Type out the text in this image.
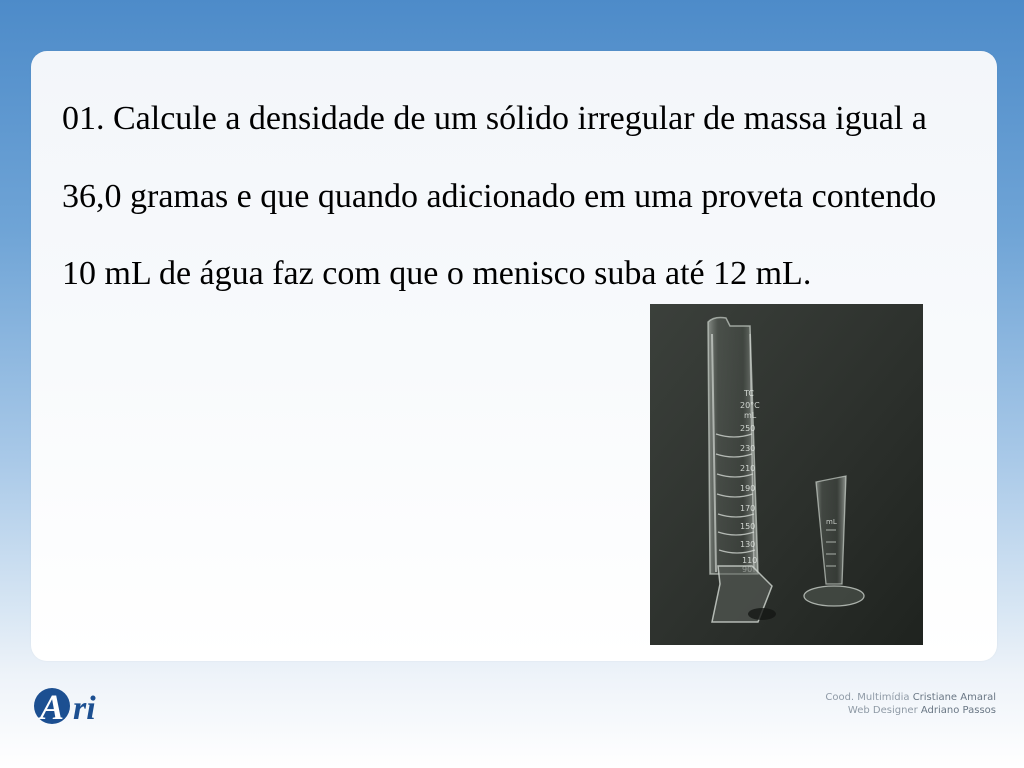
01. Calcule a densidade de um sólido irregular de massa igual a 36,0 gramas e que quando adicionado em uma proveta contendo 10 mL de água faz com que o menisco suba até 12 mL.

TC
20°C
mL
250
230
210
190
170
150
130
110
mL
A ri	Cood. Multimídia Cristiane Amaral
Web Designer Adriano Passos
